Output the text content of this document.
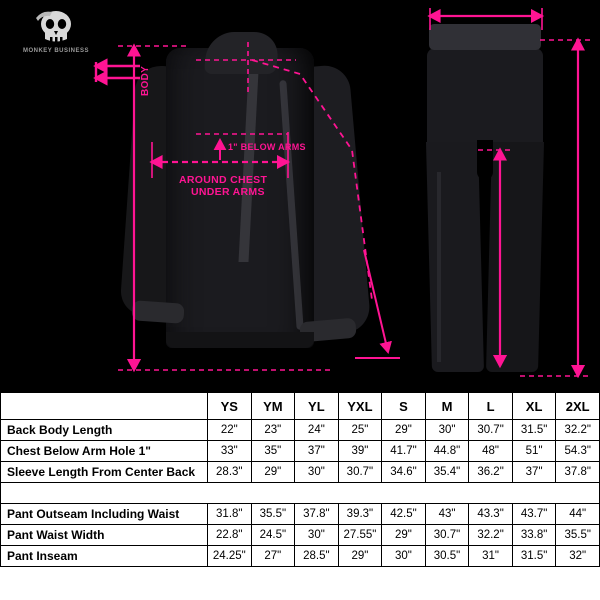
MONKEY BUSINESS
BODY
1" BELOW ARMS
AROUND CHEST
UNDER ARMS
	YS	YM	YL	YXL	S	M	L	XL	2XL
Back Body Length	22"	23"	24"	25"	29"	30"	30.7"	31.5"	32.2"
Chest Below Arm Hole 1"	33"	35"	37"	39"	41.7"	44.8"	48"	51"	54.3"
Sleeve Length From Center Back	28.3"	29"	30"	30.7"	34.6"	35.4"	36.2"	37"	37.8"

Pant Outseam Including Waist	31.8"	35.5"	37.8"	39.3"	42.5"	43"	43.3"	43.7"	44"
Pant Waist Width	22.8"	24.5"	30"	27.55"	29"	30.7"	32.2"	33.8"	35.5"
Pant Inseam	24.25"	27"	28.5"	29"	30"	30.5"	31"	31.5"	32"
